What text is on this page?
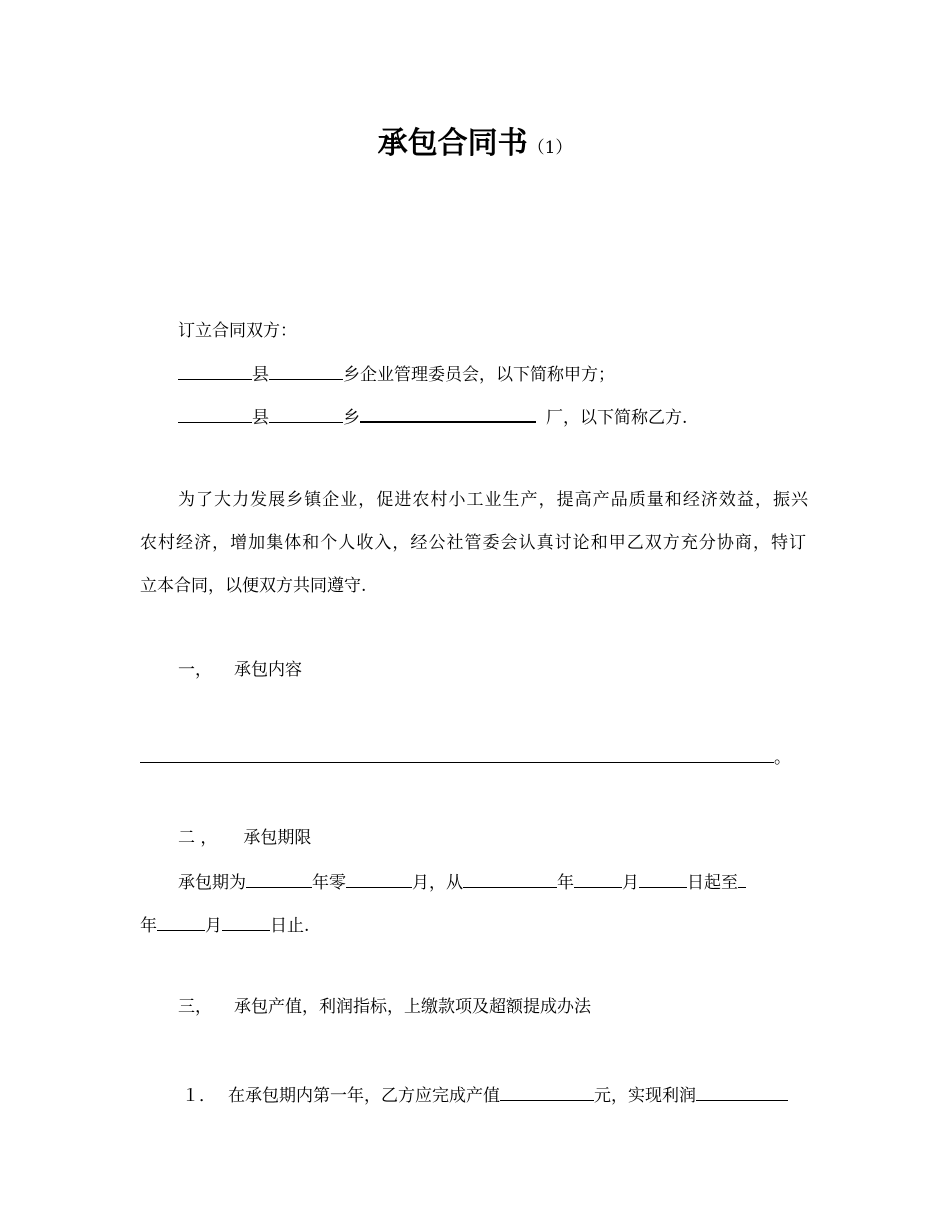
承包合同书（1）
订立合同双方：
县	乡企业管理委员会，以下简称甲方；
县	乡	厂，以下简称乙方.
为了大力发展乡镇企业，促进农村小工业生产，提高产品质量和经济效益，振兴
农村经济，增加集体和个人收入，经公社管委会认真讨论和甲乙双方充分协商，特订
立本合同，以便双方共同遵守.
一， 承包内容
。
二 ， 承包期限
承包期为	年零	月，从	年	月	日起至
年	月	日止.
三， 承包产值，利润指标，上缴款项及超额提成办法
１． 在承包期内第一年，乙方应完成产值	元，实现利润
